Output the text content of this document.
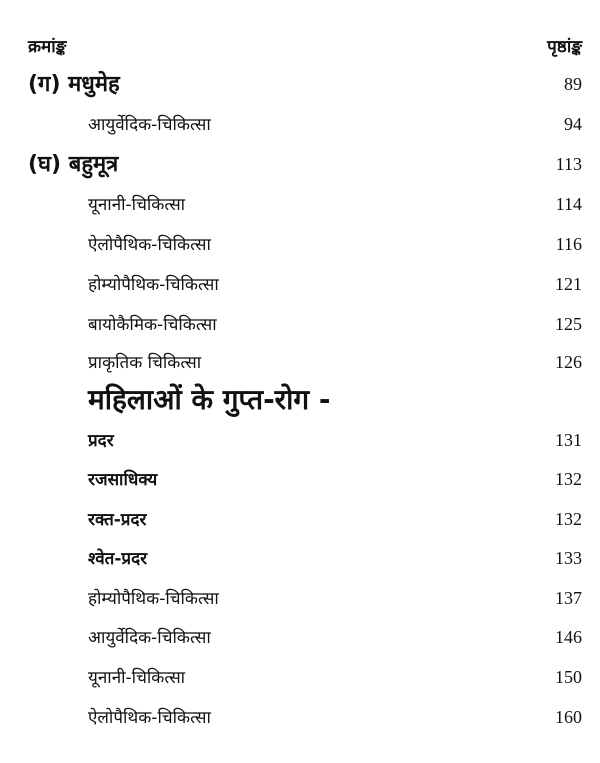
क्रमांङ्क	पृष्ठांङ्क
(ग) मधुमेह	89
आयुर्वेदिक-चिकित्सा	94
(घ) बहुमूत्र	113
यूनानी-चिकित्सा	114
ऐलोपैथिक-चिकित्सा	116
होम्योपैथिक-चिकित्सा	121
बायोकैमिक-चिकित्सा	125
प्राकृतिक चिकित्सा	126
महिलाओं के गुप्त-रोग -
प्रदर	131
रजसाधिक्य	132
रक्त-प्रदर	132
श्वेत-प्रदर	133
होम्योपैथिक-चिकित्सा	137
आयुर्वेदिक-चिकित्सा	146
यूनानी-चिकित्सा	150
ऐलोपैथिक-चिकित्सा	160
